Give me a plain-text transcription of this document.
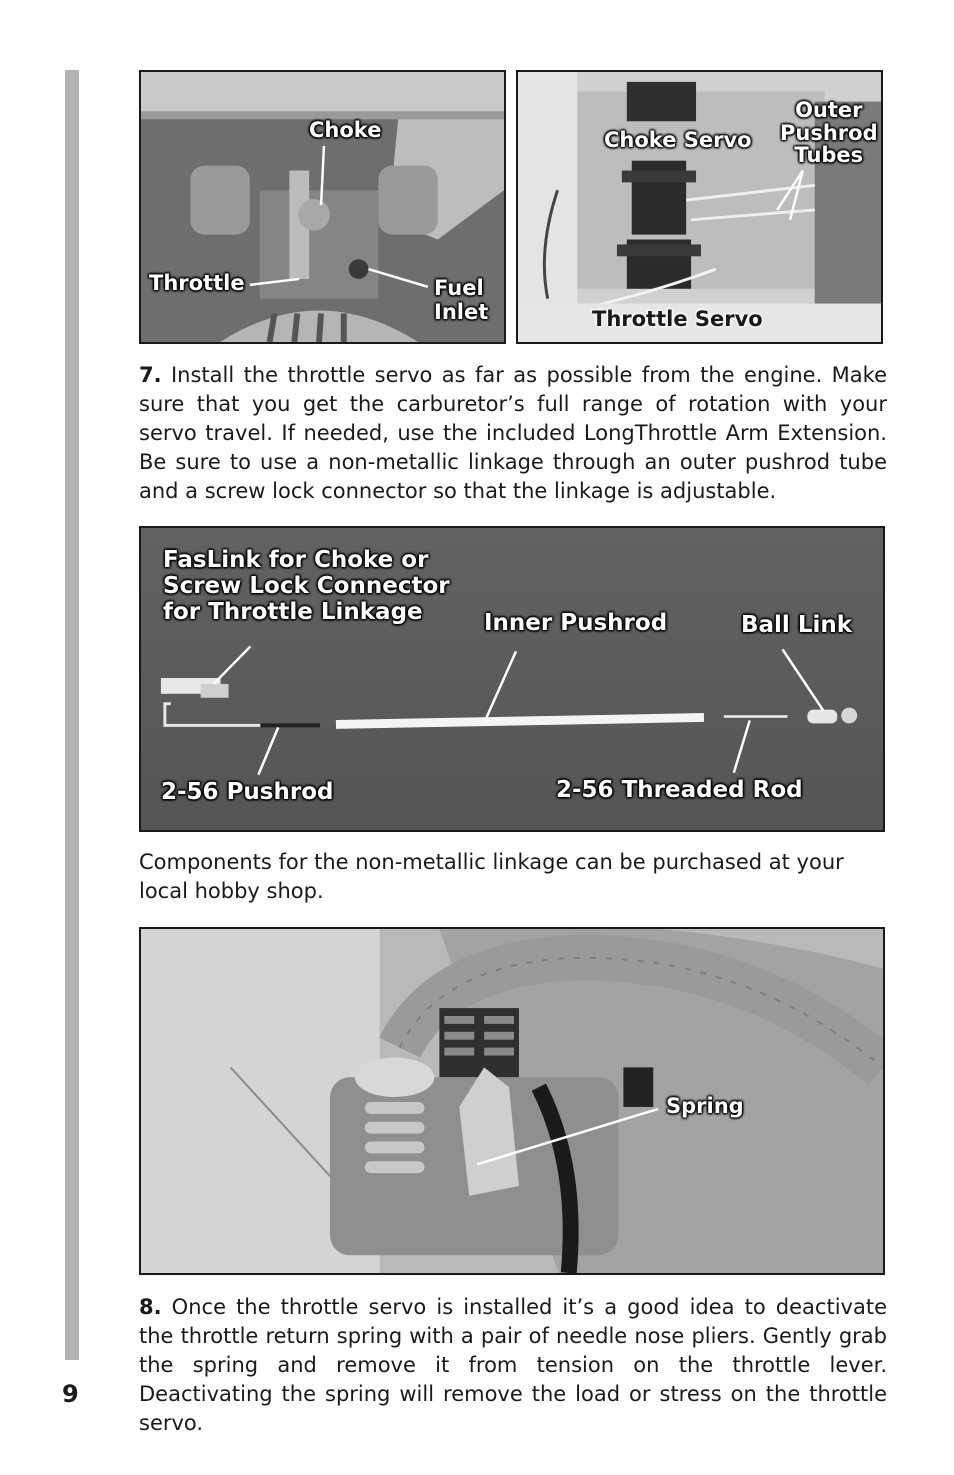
Choke
Throttle	Fuel
Inlet
Choke Servo
Outer
Pushrod
Tubes
Throttle Servo

7. Install the throttle servo as far as possible from the engine. Make sure that you get the carburetor’s full range of rotation with your servo travel. If needed, use the included LongThrottle Arm Extension. Be sure to use a non-metallic linkage through an outer pushrod tube and a screw lock connector so that the linkage is adjustable.

FasLink for Choke or
Screw Lock Connector
for Throttle Linkage	Inner Pushrod	Ball Link
2-56 Pushrod	2-56 Threaded Rod

Components for the non-metallic linkage can be purchased at your local hobby shop.

Spring

8. Once the throttle servo is installed it’s a good idea to deactivate the throttle return spring with a pair of needle nose pliers. Gently grab the spring and remove it from tension on the throttle lever. Deactivating the spring will remove the load or stress on the throttle servo.

9
